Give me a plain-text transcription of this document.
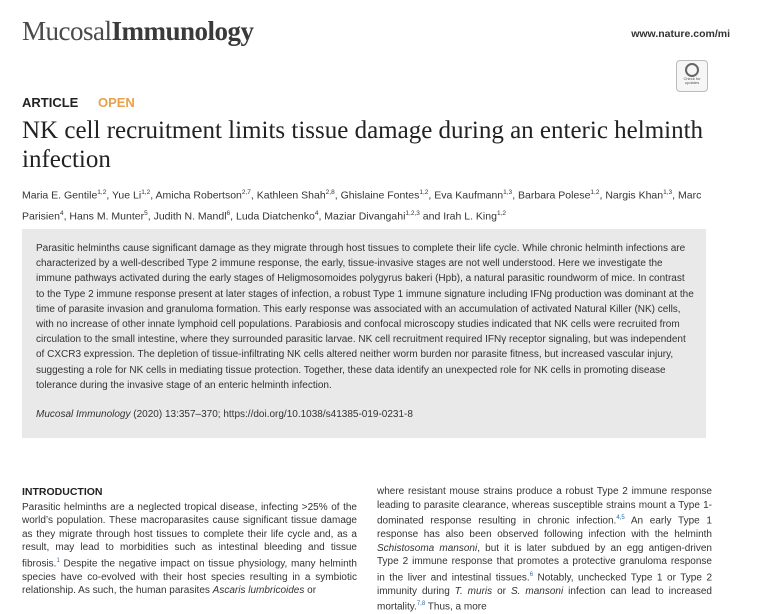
MucosalImmunology	www.nature.com/mi
Check for updates
ARTICLE OPEN
NK cell recruitment limits tissue damage during an enteric helminth infection
Maria E. Gentile$^{1,2}$, Yue Li$^{1,2}$, Amicha Robertson$^{2,7}$, Kathleen Shah$^{2,8}$, Ghislaine Fontes$^{1,2}$, Eva Kaufmann$^{1,3}$, Barbara Polese$^{1,2}$, Nargis Khan$^{1,3}$, Marc Parisien$^4$, Hans M. Munter$^5$, Judith N. Mandl$^6$, Luda Diatchenko$^4$, Maziar Divangahi$^{1,2,3}$ and Irah L. King$^{1,2}$

Parasitic helminths cause significant damage as they migrate through host tissues to complete their life cycle. While chronic helminth infections are characterized by a well-described Type 2 immune response, the early, tissue-invasive stages are not well understood. Here we investigate the immune pathways activated during the early stages of Heligmosomoides polygyrus bakeri (Hpb), a natural parasitic roundworm of mice. In contrast to the Type 2 immune response present at later stages of infection, a robust Type 1 immune signature including IFNg production was dominant at the time of parasite invasion and granuloma formation. This early response was associated with an accumulation of activated Natural Killer (NK) cells, with no increase of other innate lymphoid cell populations. Parabiosis and confocal microscopy studies indicated that NK cells were recruited from circulation to the small intestine, where they surrounded parasitic larvae. NK cell recruitment required IFNγ receptor signaling, but was independent of CXCR3 expression. The depletion of tissue-infiltrating NK cells altered neither worm burden nor parasite fitness, but increased vascular injury, suggesting a role for NK cells in mediating tissue protection. Together, these data identify an unexpected role for NK cells in promoting disease tolerance during the invasive stage of an enteric helminth infection.

Mucosal Immunology (2020) 13:357–370; https://doi.org/10.1038/s41385-019-0231-8

INTRODUCTION

Parasitic helminths are a neglected tropical disease, infecting >25% of the world’s population. These macroparasites cause significant tissue damage as they migrate through host tissues to complete their life cycle and, as a result, may lead to morbidities such as intestinal bleeding and tissue fibrosis.$^1$ Despite the negative impact on tissue physiology, many helminth species have co-evolved with their host species resulting in a symbiotic relationship. As such, the human parasites Ascaris lumbricoides or

where resistant mouse strains produce a robust Type 2 immune response leading to parasite clearance, whereas susceptible strains mount a Type 1-dominated response resulting in chronic infection.$^{4,5}$ An early Type 1 response has also been observed following infection with the helminth Schistosoma mansoni, but it is later subdued by an egg antigen-driven Type 2 immune response that promotes a protective granuloma response in the liver and intestinal tissues.$^6$ Notably, unchecked Type 1 or Type 2 immunity during T. muris or S. mansoni infection can lead to increased mortality.$^{7,8}$ Thus, a more
